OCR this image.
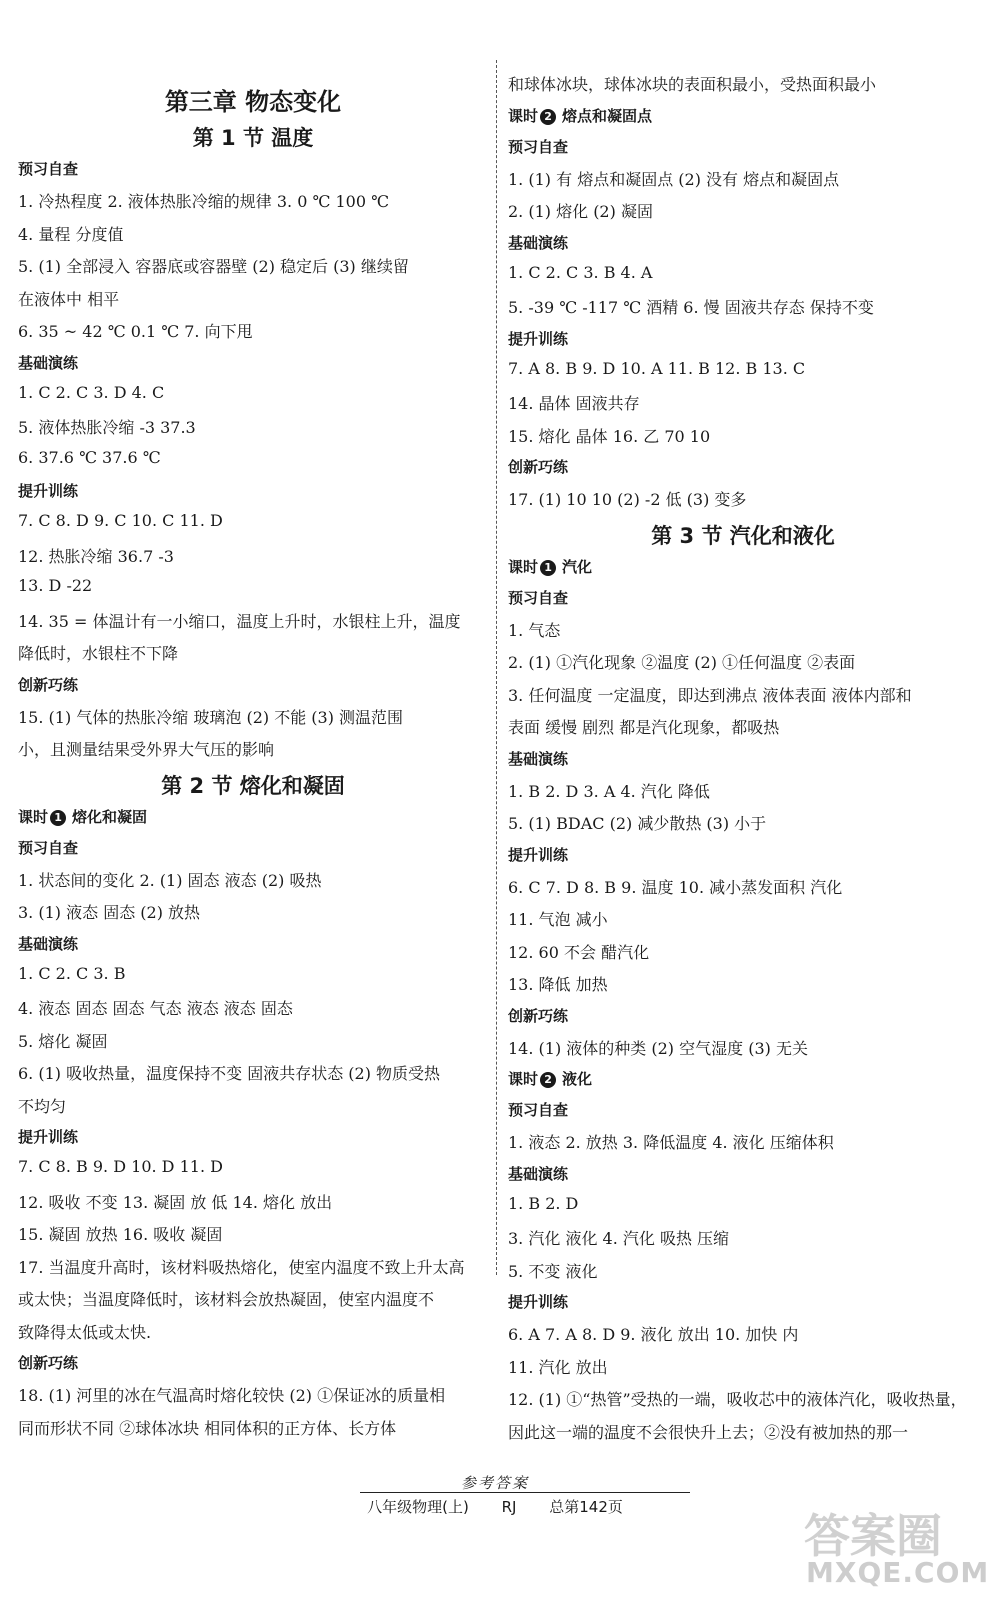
第三章 物态变化
第 1 节 温度
预习自查
1. 冷热程度 2. 液体热胀冷缩的规律 3. 0 ℃ 100 ℃
4. 量程 分度值
5. (1) 全部浸入 容器底或容器壁 (2) 稳定后 (3) 继续留
在液体中 相平
6. 35 ~ 42 ℃ 0.1 ℃ 7. 向下甩
基础演练
1. C 2. C 3. D 4. C
5. 液体热胀冷缩 -3 37.3
6. 37.6 ℃ 37.6 ℃
提升训练
7. C 8. D 9. C 10. C 11. D
12. 热胀冷缩 36.7 -3
13. D -22
14. 35 = 体温计有一小缩口，温度上升时，水银柱上升，温度
降低时，水银柱不下降
创新巧练
15. (1) 气体的热胀冷缩 玻璃泡 (2) 不能 (3) 测温范围
小，且测量结果受外界大气压的影响
第 2 节 熔化和凝固
课时 1 熔化和凝固
预习自查
1. 状态间的变化 2. (1) 固态 液态 (2) 吸热
3. (1) 液态 固态 (2) 放热
基础演练
1. C 2. C 3. B
4. 液态 固态 固态 气态 液态 液态 固态
5. 熔化 凝固
6. (1) 吸收热量，温度保持不变 固液共存状态 (2) 物质受热
不均匀
提升训练
7. C 8. B 9. D 10. D 11. D
12. 吸收 不变 13. 凝固 放 低 14. 熔化 放出
15. 凝固 放热 16. 吸收 凝固
17. 当温度升高时，该材料吸热熔化，使室内温度不致上升太高
或太快；当温度降低时，该材料会放热凝固，使室内温度不
致降得太低或太快.
创新巧练
18. (1) 河里的冰在气温高时熔化较快 (2) ①保证冰的质量相
同而形状不同 ②球体冰块 相同体积的正方体、长方体
和球体冰块，球体冰块的表面积最小，受热面积最小
课时 2 熔点和凝固点
预习自查
1. (1) 有 熔点和凝固点 (2) 没有 熔点和凝固点
2. (1) 熔化 (2) 凝固
基础演练
1. C 2. C 3. B 4. A
5. -39 ℃ -117 ℃ 酒精 6. 慢 固液共存态 保持不变
提升训练
7. A 8. B 9. D 10. A 11. B 12. B 13. C
14. 晶体 固液共存
15. 熔化 晶体 16. 乙 70 10
创新巧练
17. (1) 10 10 (2) -2 低 (3) 变多
第 3 节 汽化和液化
课时 1 汽化
预习自查
1. 气态
2. (1) ①汽化现象 ②温度 (2) ①任何温度 ②表面
3. 任何温度 一定温度，即达到沸点 液体表面 液体内部和
表面 缓慢 剧烈 都是汽化现象，都吸热
基础演练
1. B 2. D 3. A 4. 汽化 降低
5. (1) BDAC (2) 减少散热 (3) 小于
提升训练
6. C 7. D 8. B 9. 温度 10. 减小蒸发面积 汽化
11. 气泡 减小
12. 60 不会 醋汽化
13. 降低 加热
创新巧练
14. (1) 液体的种类 (2) 空气湿度 (3) 无关
课时 2 液化
预习自查
1. 液态 2. 放热 3. 降低温度 4. 液化 压缩体积
基础演练
1. B 2. D
3. 汽化 液化 4. 汽化 吸热 压缩
5. 不变 液化
提升训练
6. A 7. A 8. D 9. 液化 放出 10. 加快 内
11. 汽化 放出
12. (1) ①“热管”受热的一端，吸收芯中的液体汽化，吸收热量，
因此这一端的温度不会很快升上去；②没有被加热的那一
参考答案
八年级物理(上) RJ 总第142页
答案圈
MXQE.COM
